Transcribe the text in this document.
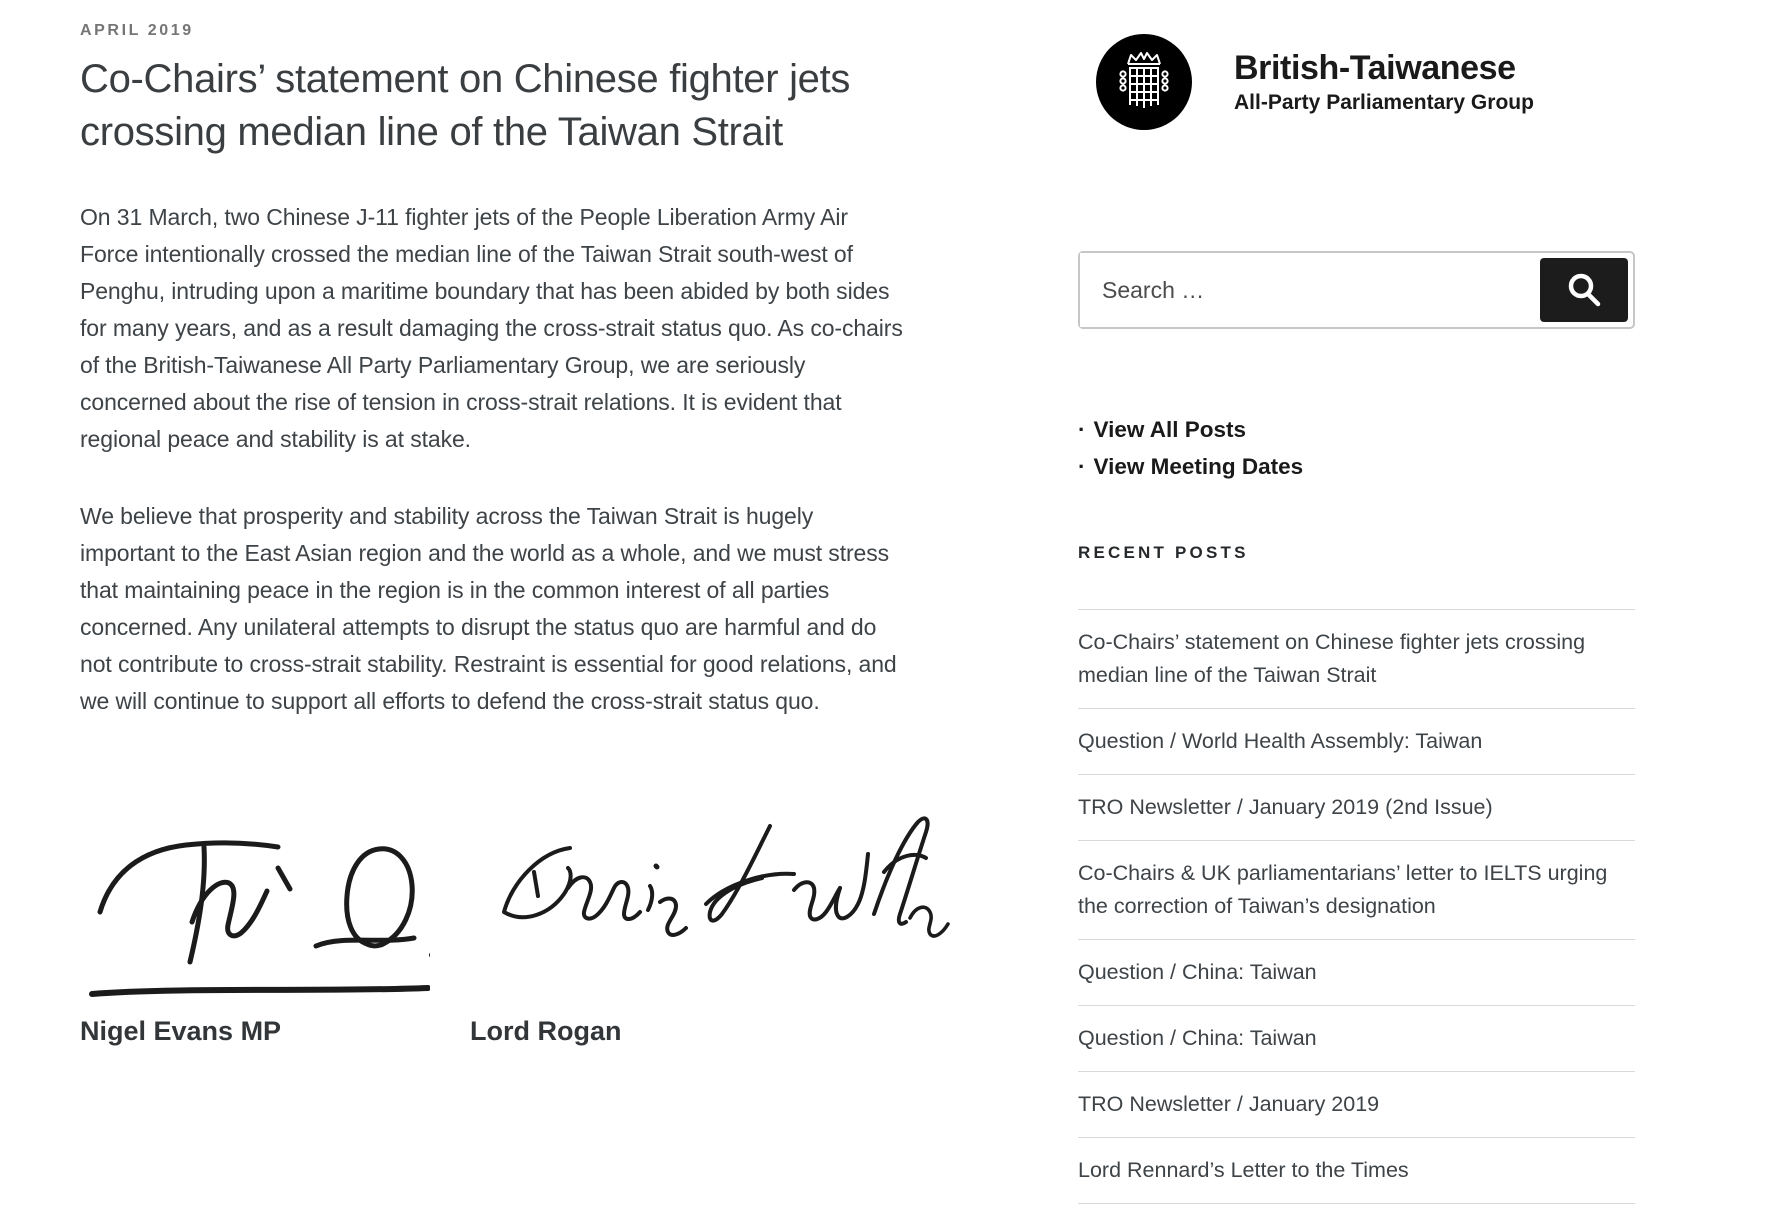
APRIL 2019
Co-Chairs’ statement on Chinese fighter jets crossing median line of the Taiwan Strait

On 31 March, two Chinese J-11 fighter jets of the People Liberation Army Air Force intentionally crossed the median line of the Taiwan Strait south-west of Penghu, intruding upon a maritime boundary that has been abided by both sides for many years, and as a result damaging the cross-strait status quo. As co-chairs of the British-Taiwanese All Party Parliamentary Group, we are seriously concerned about the rise of tension in cross-strait relations. It is evident that regional peace and stability is at stake.

We believe that prosperity and stability across the Taiwan Strait is hugely important to the East Asian region and the world as a whole, and we must stress that maintaining peace in the region is in the common interest of all parties concerned. Any unilateral attempts to disrupt the status quo are harmful and do not contribute to cross-strait stability. Restraint is essential for good relations, and we will continue to support all efforts to defend the cross-strait status quo.

Nigel Evans MP	Lord Rogan
British-Taiwanese
All-Party Parliamentary Group
Search …
· View All Posts
· View Meeting Dates
RECENT POSTS
Co-Chairs’ statement on Chinese fighter jets crossing median line of the Taiwan Strait
Question / World Health Assembly: Taiwan
TRO Newsletter / January 2019 (2nd Issue)
Co-Chairs & UK parliamentarians’ letter to IELTS urging the correction of Taiwan’s designation
Question / China: Taiwan
Question / China: Taiwan
TRO Newsletter / January 2019
Lord Rennard’s Letter to the Times
